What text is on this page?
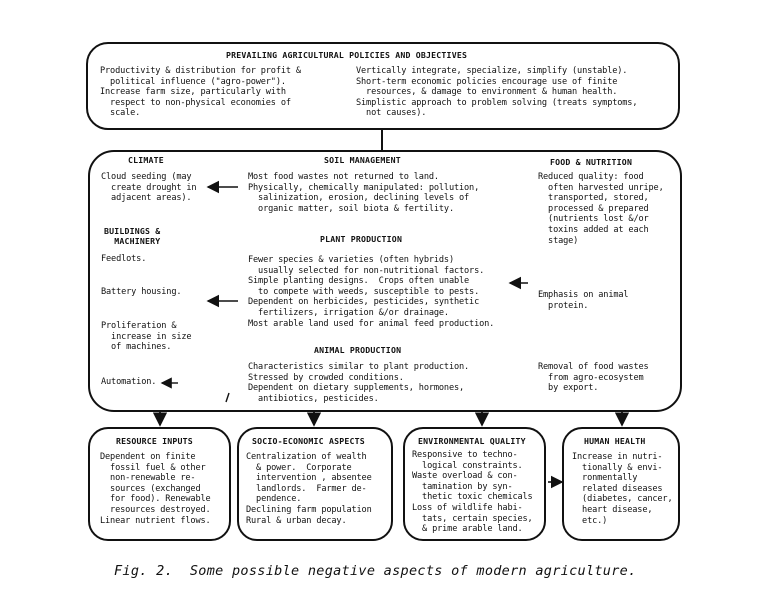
PREVAILING AGRICULTURAL POLICIES AND OBJECTIVES
Productivity & distribution for profit &
political influence ("agro-power").
Increase farm size, particularly with
respect to non-physical economies of
scale.
Vertically integrate, specialize, simplify (unstable).
Short-term economic policies encourage use of finite
resources, & damage to environment & human health.
Simplistic approach to problem solving (treats symptoms,
not causes).
CLIMATE
Cloud seeding (may
create drought in
adjacent areas).
BUILDINGS &
MACHINERY
Feedlots.
Battery housing.
Proliferation &
increase in size
of machines.
Automation.
SOIL MANAGEMENT
Most food wastes not returned to land.
Physically, chemically manipulated: pollution,
salinization, erosion, declining levels of
organic matter, soil biota & fertility.
PLANT PRODUCTION
Fewer species & varieties (often hybrids)
usually selected for non-nutritional factors.
Simple planting designs.  Crops often unable
to compete with weeds, susceptible to pests.
Dependent on herbicides, pesticides, synthetic
fertilizers, irrigation &/or drainage.
Most arable land used for animal feed production.
ANIMAL PRODUCTION
Characteristics similar to plant production.
Stressed by crowded conditions.
Dependent on dietary supplements, hormones,
antibiotics, pesticides.
FOOD & NUTRITION
Reduced quality: food
often harvested unripe,
transported, stored,
processed & prepared
(nutrients lost &/or
toxins added at each
stage)
Emphasis on animal
protein.
Removal of food wastes
from agro-ecosystem
by export.
RESOURCE INPUTS
Dependent on finite
fossil fuel & other
non-renewable re-
sources (exchanged
for food). Renewable
resources destroyed.
Linear nutrient flows.
SOCIO-ECONOMIC ASPECTS
Centralization of wealth
& power.  Corporate
intervention , absentee
landlords.  Farmer de-
pendence.
Declining farm population
Rural & urban decay.
ENVIRONMENTAL QUALITY
Responsive to techno-
logical constraints.
Waste overload & con-
tamination by syn-
thetic toxic chemicals
Loss of wildlife habi-
tats, certain species,
& prime arable land.
HUMAN HEALTH
Increase in nutri-
tionally & envi-
ronmentally
related diseases
(diabetes, cancer,
heart disease,
etc.)
Fig. 2.  Some possible negative aspects of modern agriculture.
